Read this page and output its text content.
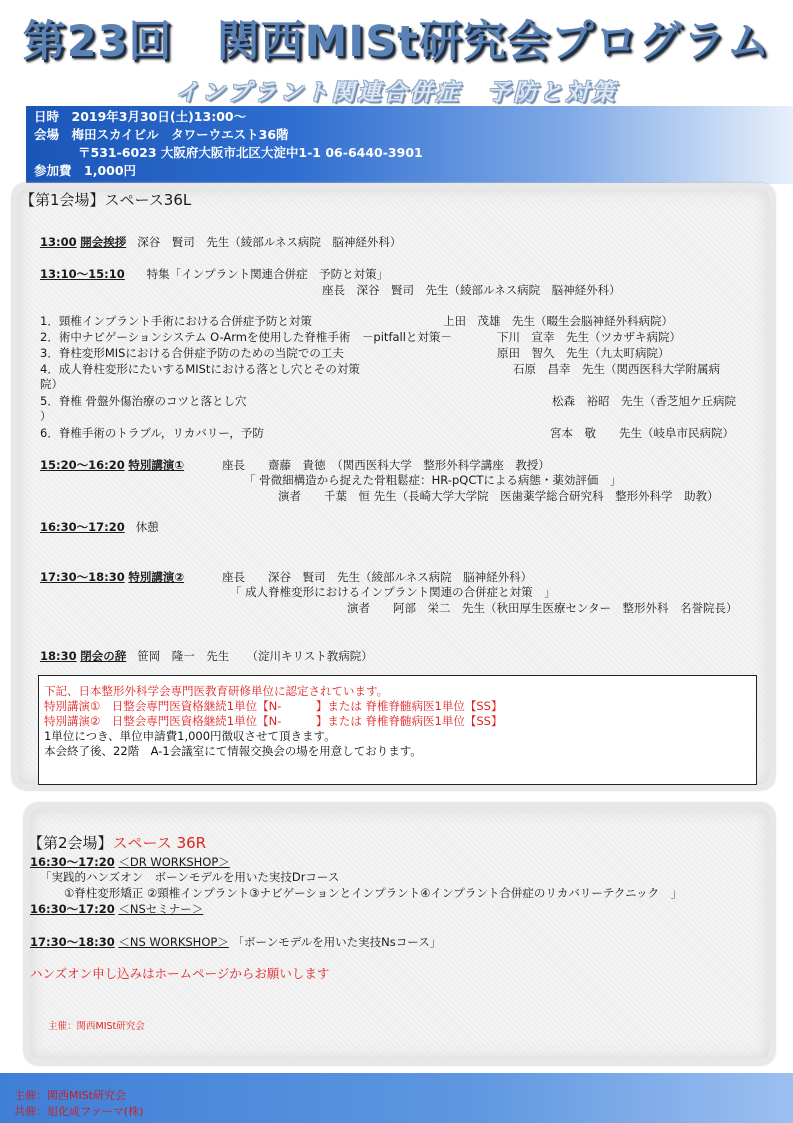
第23回　関西MISt研究会プログラム
インプラント関連合併症　予防と対策
日時　2019年3月30日(土)13:00～
会場　梅田スカイビル　タワーウエスト36階
〒531-6023 大阪府大阪市北区大淀中1-1 06-6440-3901
参加費　1,000円
【第1会場】スペース36L
13:00 開会挨拶 深谷　賢司　先生（綾部ルネス病院　脳神経外科）
13:10～15:10 特集「インプラント関連合併症　予防と対策」
座長　深谷　賢司　先生（綾部ルネス病院　脳神経外科）
1．頸椎インプラント手術における合併症予防と対策	上田　茂雄　先生（畷生会脳神経外科病院）
2．術中ナビゲーションシステム O-Armを使用した脊椎手術　－pitfallと対策－	下川　宣幸　先生（ツカザキ病院）
3．脊柱変形MISにおける合併症予防のための当院での工夫	原田　智久　先生（九太町病院）
4．成人脊柱変形にたいするMIStにおける落とし穴とその対策	石原　昌幸　先生（関西医科大学附属病
院）
5．脊椎 骨盤外傷治療のコツと落とし穴	松森　裕昭　先生（香芝旭ケ丘病院
）
6．脊椎手術のトラブル，リカバリー，予防	宮本　敬　　先生（岐阜市民病院）
15:20～16:20 特別講演①	座長　　齋藤　貴徳　（関西医科大学　整形外科学講座　教授）
「 骨微細構造から捉えた骨粗鬆症：HR-pQCTによる病態・薬効評価　」
演者　　千葉　恒 先生（長崎大学大学院　医歯薬学総合研究科　整形外科学　助教）
16:30～17:20 休憩
17:30～18:30 特別講演②	座長　　深谷　賢司　先生（綾部ルネス病院　脳神経外科）
「 成人脊椎変形におけるインプラント関連の合併症と対策　」
演者　　阿部　栄二　先生（秋田厚生医療センター　整形外科　名誉院長）
18:30 閉会の辞 笹岡　隆一　先生　　（淀川キリスト教病院）
下記、日本整形外科学会専門医教育研修単位に認定されています。
特別講演①　日整会専門医資格継続1単位【N-　　　】または 脊椎脊髄病医1単位【SS】
特別講演②　日整会専門医資格継続1単位【N-　　　】または 脊椎脊髄病医1単位【SS】
1単位につき、単位申請費1,000円徴収させて頂きます。
本会終了後、22階　A-1会議室にて情報交換会の場を用意しております。
【第2会場】スペース 36R
16:30～17:20 ＜DR WORKSHOP＞
「実践的ハンズオン　ボーンモデルを用いた実技Drコース
①脊柱変形矯正 ②頸椎インプラント③ナビゲーションとインプラント④インプラント合併症のリカバリーテクニック　」
16:30～17:20 ＜NSセミナー＞
17:30～18:30 ＜NS WORKSHOP＞ 「ボーンモデルを用いた実技Nsコース」
ハンズオン申し込みはホームページからお願いします
主催：関西MISt研究会
主催：関西MISt研究会
共催：旭化成ファーマ(株)
